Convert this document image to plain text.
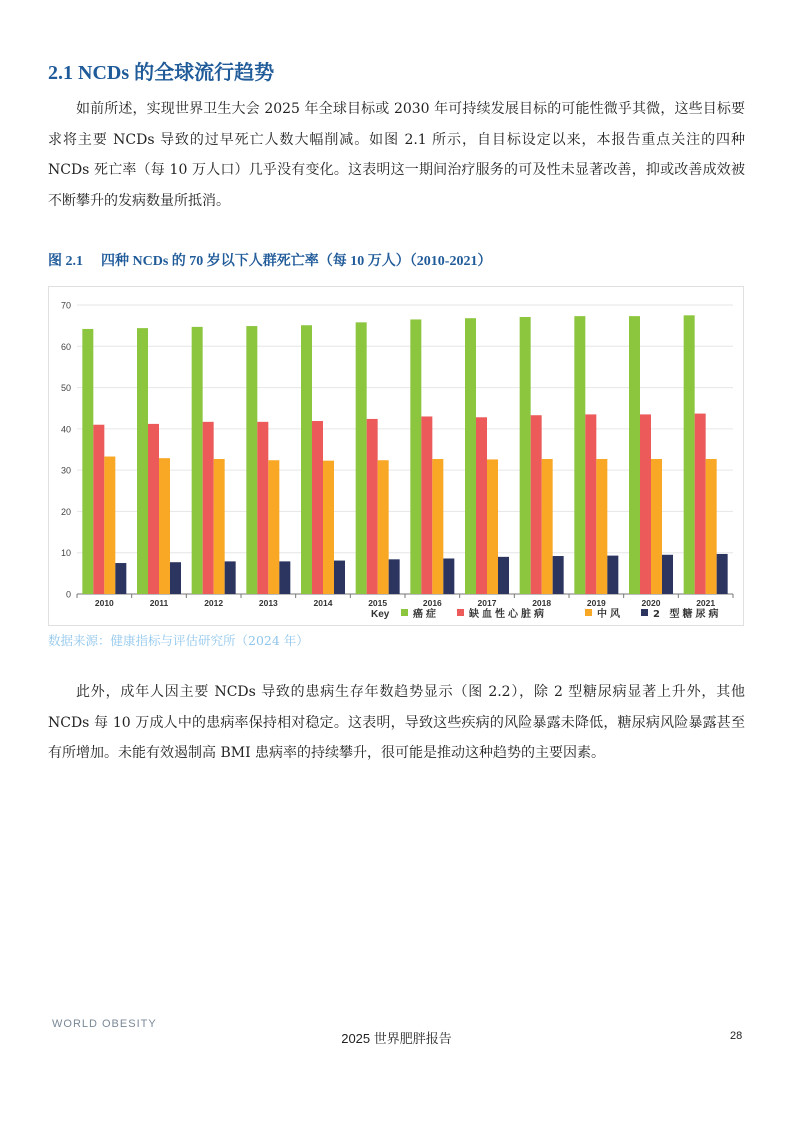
2.1 NCDs 的全球流行趋势

如前所述，实现世界卫生大会 2025 年全球目标或 2030 年可持续发展目标的可能性微乎其微，这些目标要求将主要 NCDs 导致的过早死亡人数大幅削减。如图 2.1 所示，自目标设定以来，本报告重点关注的四种 NCDs 死亡率（每 10 万人口）几乎没有变化。这表明这一期间治疗服务的可及性未显著改善，抑或改善成效被不断攀升的发病数量所抵消。

图 2.1 四种 NCDs 的 70 岁以下人群死亡率（每 10 万人）（2010-2021）

0
10
20
30
40
50
60
70
2010	2011	2012	2013	2014	2015	2016	2017	2018	2019	2020	2021
Key 癌症	缺血性心脏病	中风	2 型糖尿病

数据来源：健康指标与评估研究所（2024 年）

此外，成年人因主要 NCDs 导致的患病生存年数趋势显示（图 2.2），除 2 型糖尿病显著上升外，其他 NCDs 每 10 万成人中的患病率保持相对稳定。这表明，导致这些疾病的风险暴露未降低，糖尿病风险暴露甚至有所增加。未能有效遏制高 BMI 患病率的持续攀升，很可能是推动这种趋势的主要因素。

WORLD OBESITY
2025 世界肥胖报告	28
